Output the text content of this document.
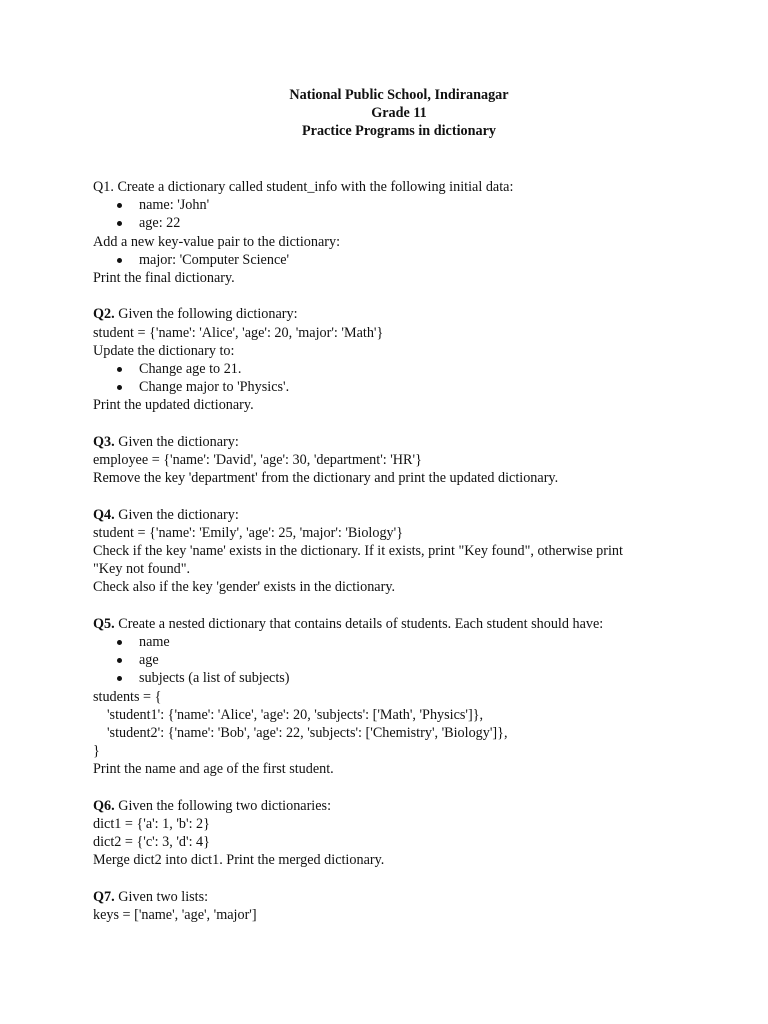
National Public School, Indiranagar
Grade 11
Practice Programs in dictionary
Q1. Create a dictionary called student_info with the following initial data:
name: 'John'
age: 22
Add a new key-value pair to the dictionary:
major: 'Computer Science'
Print the final dictionary.
Q2. Given the following dictionary:
student = {'name': 'Alice', 'age': 20, 'major': 'Math'}
Update the dictionary to:
Change age to 21.
Change major to 'Physics'.
Print the updated dictionary.
Q3. Given the dictionary:
employee = {'name': 'David', 'age': 30, 'department': 'HR'}
Remove the key 'department' from the dictionary and print the updated dictionary.
Q4. Given the dictionary:
student = {'name': 'Emily', 'age': 25, 'major': 'Biology'}
Check if the key 'name' exists in the dictionary. If it exists, print "Key found", otherwise print
"Key not found".
Check also if the key 'gender' exists in the dictionary.
Q5. Create a nested dictionary that contains details of students. Each student should have:
name
age
subjects (a list of subjects)
students = {
'student1': {'name': 'Alice', 'age': 20, 'subjects': ['Math', 'Physics']},
'student2': {'name': 'Bob', 'age': 22, 'subjects': ['Chemistry', 'Biology']},
}
Print the name and age of the first student.
Q6. Given the following two dictionaries:
dict1 = {'a': 1, 'b': 2}
dict2 = {'c': 3, 'd': 4}
Merge dict2 into dict1. Print the merged dictionary.
Q7. Given two lists:
keys = ['name', 'age', 'major']
